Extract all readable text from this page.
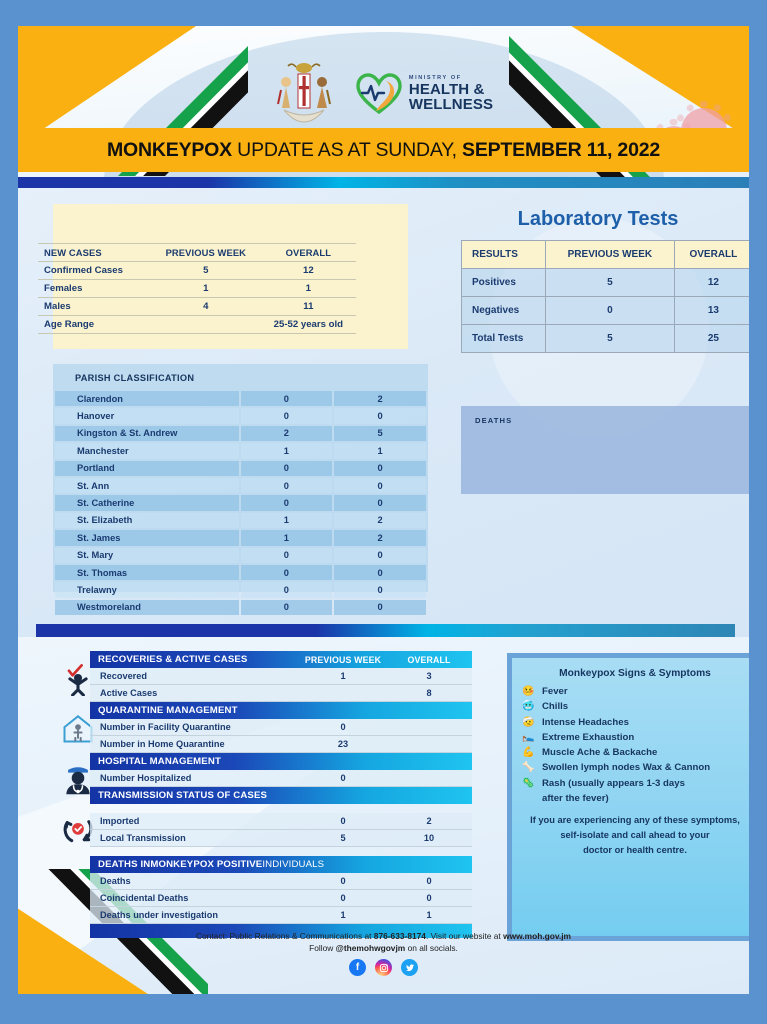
MINISTRY OF
HEALTH &
WELLNESS
MONKEYPOX UPDATE AS AT SUNDAY, SEPTEMBER 11, 2022
NEW CASES	PREVIOUS WEEK	OVERALL
Confirmed Cases	5	12
Females	1	1
Males	4	11
Age Range		25-52 years old
PARISH CLASSIFICATION
Clarendon	0	2
Hanover	0	0
Kingston & St. Andrew	2	5
Manchester	1	1
Portland	0	0
St. Ann	0	0
St. Catherine	0	0
St. Elizabeth	1	2
St. James	1	2
St. Mary	0	0
St. Thomas	0	0
Trelawny	0	0
Westmoreland	0	0
Laboratory Tests
RESULTS	PREVIOUS WEEK	OVERALL
Positives	5	12
Negatives	0	13
Total Tests	5	25
DEATHS
RECOVERIES & ACTIVE CASES	PREVIOUS WEEK	OVERALL
Recovered	1	3
Active Cases		8
QUARANTINE MANAGEMENT
Number in Facility Quarantine	0	
Number in Home Quarantine	23	
HOSPITAL MANAGEMENT
Number Hospitalized	0	
TRANSMISSION STATUS OF CASES
Imported	0	2
Local Transmission	5	10
DEATHS IN MONKEYPOX POSITIVE INDIVIDUALS
Deaths	0	0
Coincidental Deaths	0	0
Deaths under investigation	1	1
Monkeypox Signs & Symptoms
🤒 Fever
🥶 Chills
🤕 Intense Headaches
🛌 Extreme Exhaustion
💪 Muscle Ache & Backache
🦴 Swollen lymph nodes Wax & Cannon
🦠 Rash (usually appears 1-3 days
after the fever)
If you are experiencing any of these symptoms,
self-isolate and call ahead to your
doctor or health centre.
Contact: Public Relations & Communications at 876-633-8174. Visit our website at www.moh.gov.jm
Follow @themohwgovjm on all socials.
f
